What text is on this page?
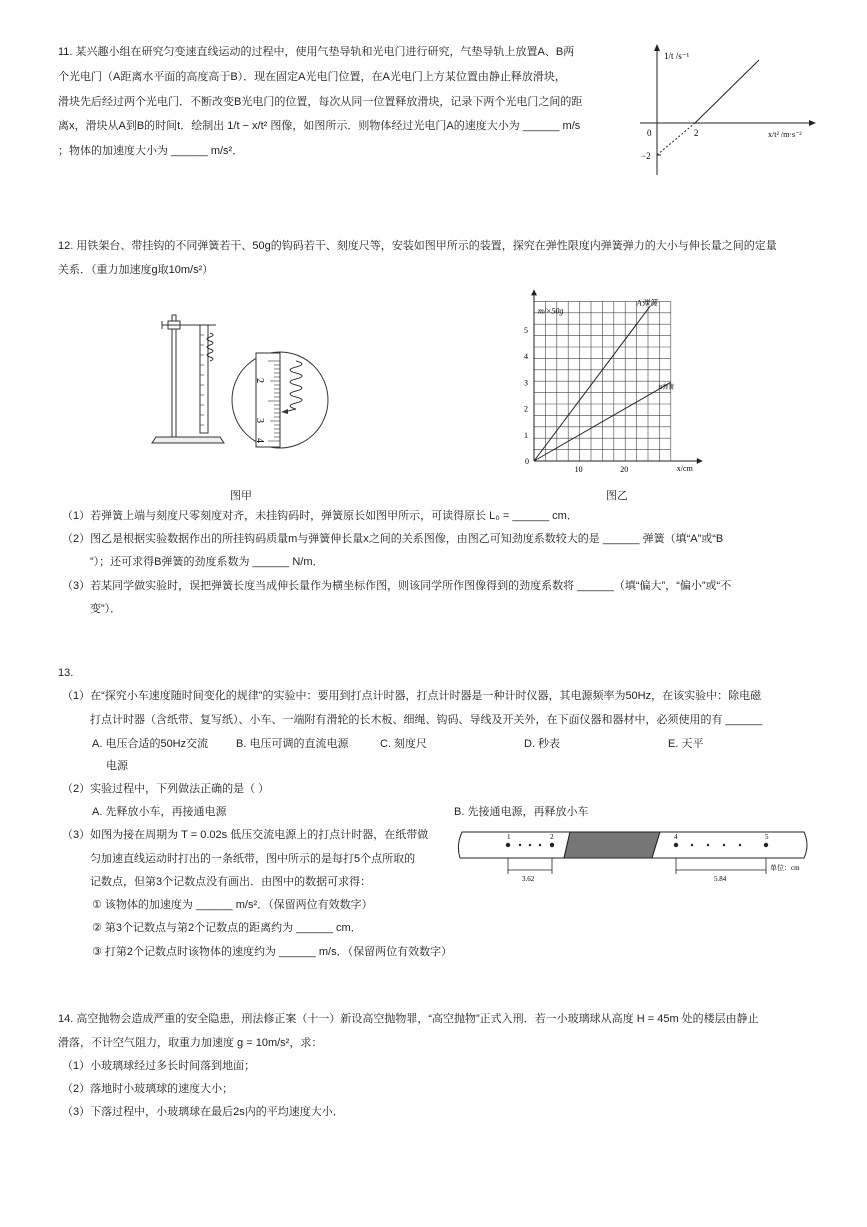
11. 某兴趣小组在研究匀变速直线运动的过程中，使用气垫导轨和光电门进行研究，气垫导轨上放置A、B两
个光电门（A距离水平面的高度高于B）．现在固定A光电门位置，在A光电门上方某位置由静止释放滑块，
滑块先后经过两个光电门．不断改变B光电门的位置，每次从同一位置释放滑块，记录下两个光电门之间的距
离x，滑块从A到B的时间t．绘制出 1/t − x/t² 图像，如图所示．则物体经过光电门A的速度大小为 ______ m/s
；物体的加速度大小为 ______ m/s²．
1/t /s⁻¹
x/t² /m·s⁻²
0	2
−2
12. 用铁架台、带挂钩的不同弹簧若干、50g的钩码若干、刻度尺等，安装如图甲所示的装置，探究在弹性限度内弹簧弹力的大小与伸长量之间的定量
关系．（重力加速度g取10m/s²）
2
3
4
图甲
1
2
3
4
5
10	20
0
m/×50g
x/cm
A弹簧
B弹簧
图乙
（1）若弹簧上端与刻度尺零刻度对齐，未挂钩码时，弹簧原长如图甲所示，可读得原长 L₀ = ______ cm．
（2）图乙是根据实验数据作出的所挂钩码质量m与弹簧伸长量x之间的关系图像，由图乙可知劲度系数较大的是 ______ 弹簧（填“A”或“B
”）；还可求得B弹簧的劲度系数为 ______ N/m．
（3）若某同学做实验时，误把弹簧长度当成伸长量作为横坐标作图，则该同学所作图像得到的劲度系数将 ______（填“偏大”，“偏小”或“不
变”）．
13.
（1）在“探究小车速度随时间变化的规律”的实验中：要用到打点计时器，打点计时器是一种计时仪器，其电源频率为50Hz，在该实验中：除电磁
打点计时器（含纸带、复写纸）、小车、一端附有滑轮的长木板、细绳、钩码、导线及开关外，在下面仪器和器材中，必须使用的有 ______
A. 电压合适的50Hz交流	B. 电压可调的直流电源	C. 刻度尺	D. 秒表	E. 天平
电源
（2）实验过程中，下列做法正确的是（ ）
A. 先释放小车，再接通电源	B. 先接通电源，再释放小车
（3）如图为接在周期为 T = 0.02s 低压交流电源上的打点计时器，在纸带做
匀加速直线运动时打出的一条纸带，图中所示的是每打5个点所取的
记数点，但第3个记数点没有画出．由图中的数据可求得：
① 该物体的加速度为 ______ m/s²．（保留两位有效数字）
② 第3个记数点与第2个记数点的距离约为 ______ cm．
③ 打第2个记数点时该物体的速度约为 ______ m/s．（保留两位有效数字）
1	2	4	5
3.62	5.84
单位：cm
14. 高空抛物会造成严重的安全隐患，刑法修正案（十一）新设高空抛物罪，“高空抛物”正式入刑．若一小玻璃球从高度 H = 45m 处的楼层由静止
滑落，不计空气阻力，取重力加速度 g = 10m/s²，求：
（1）小玻璃球经过多长时间落到地面；
（2）落地时小玻璃球的速度大小；
（3）下落过程中，小玻璃球在最后2s内的平均速度大小．
